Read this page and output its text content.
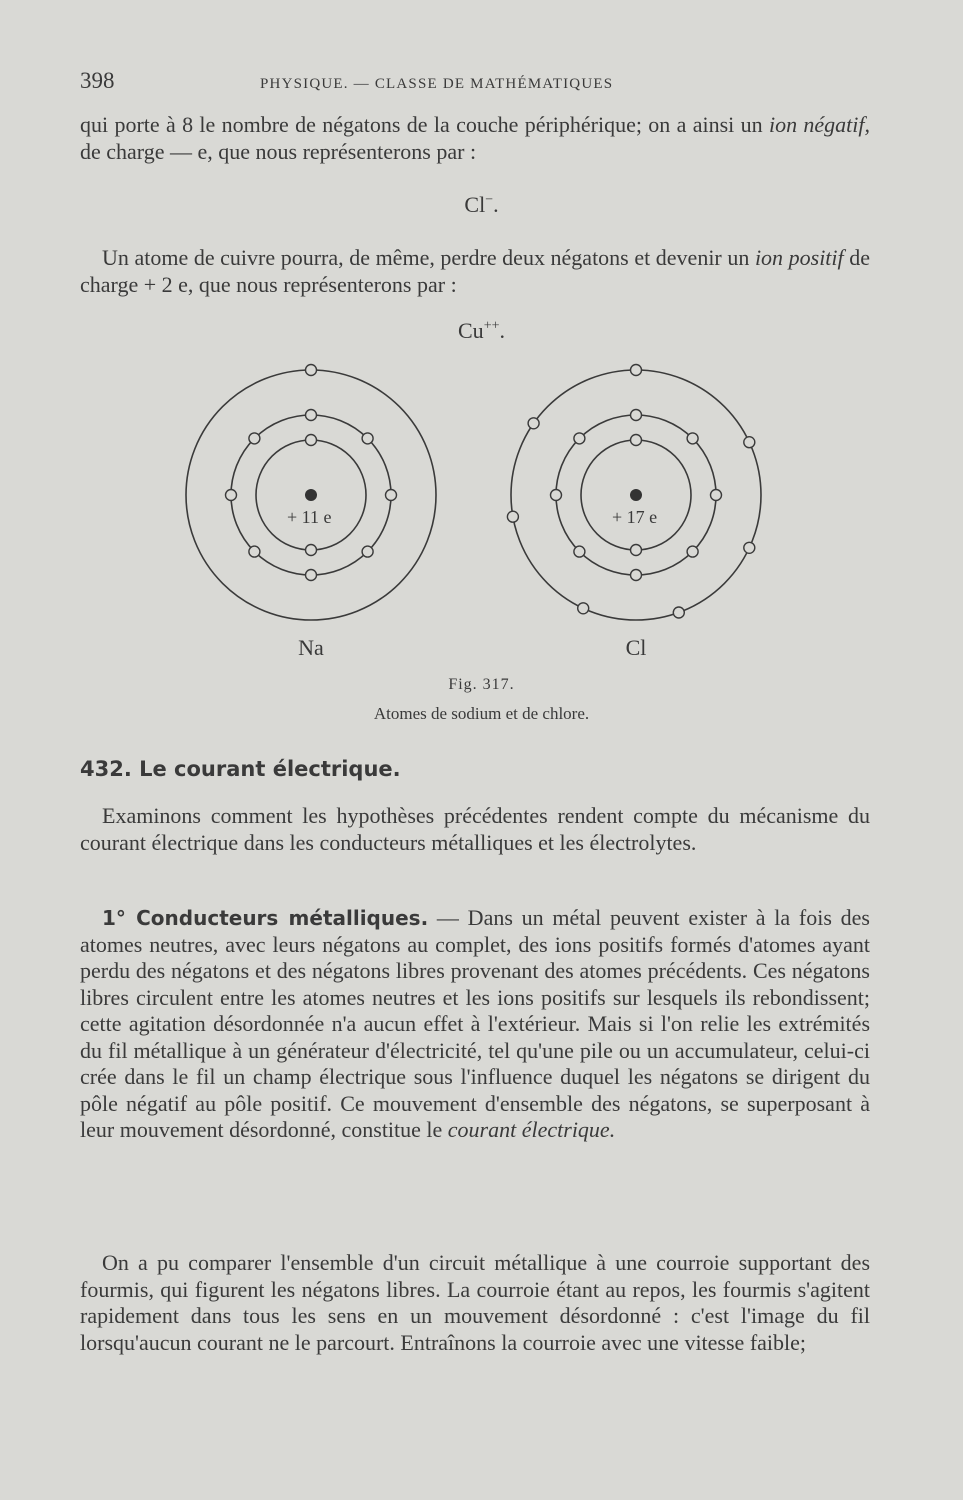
398	PHYSIQUE. — CLASSE DE MATHÉMATIQUES

qui porte à 8 le nombre de négatons de la couche périphérique; on a ainsi un ion négatif, de charge — e, que nous représenterons par :

Cl−.

Un atome de cuivre pourra, de même, perdre deux négatons et devenir un ion positif de charge + 2 e, que nous représenterons par :

Cu++.
+ 11 e
Na
+ 17 e
Cl
Fig. 317.
Atomes de sodium et de chlore.
432. Le courant électrique.

Examinons comment les hypothèses précédentes rendent compte du mécanisme du courant électrique dans les conducteurs métalliques et les électrolytes.

1° Conducteurs métalliques. — Dans un métal peuvent exister à la fois des atomes neutres, avec leurs négatons au complet, des ions positifs formés d'atomes ayant perdu des négatons et des négatons libres provenant des atomes précédents. Ces négatons libres circulent entre les atomes neutres et les ions positifs sur lesquels ils rebondissent; cette agitation désordonnée n'a aucun effet à l'extérieur. Mais si l'on relie les extrémités du fil métallique à un générateur d'électricité, tel qu'une pile ou un accumulateur, celui-ci crée dans le fil un champ électrique sous l'influence duquel les négatons se dirigent du pôle négatif au pôle positif. Ce mouvement d'ensemble des négatons, se superposant à leur mouvement désordonné, constitue le courant électrique.

On a pu comparer l'ensemble d'un circuit métallique à une courroie supportant des fourmis, qui figurent les négatons libres. La courroie étant au repos, les fourmis s'agitent rapidement dans tous les sens en un mouvement désordonné : c'est l'image du fil lorsqu'aucun courant ne le parcourt. Entraînons la courroie avec une vitesse faible;
